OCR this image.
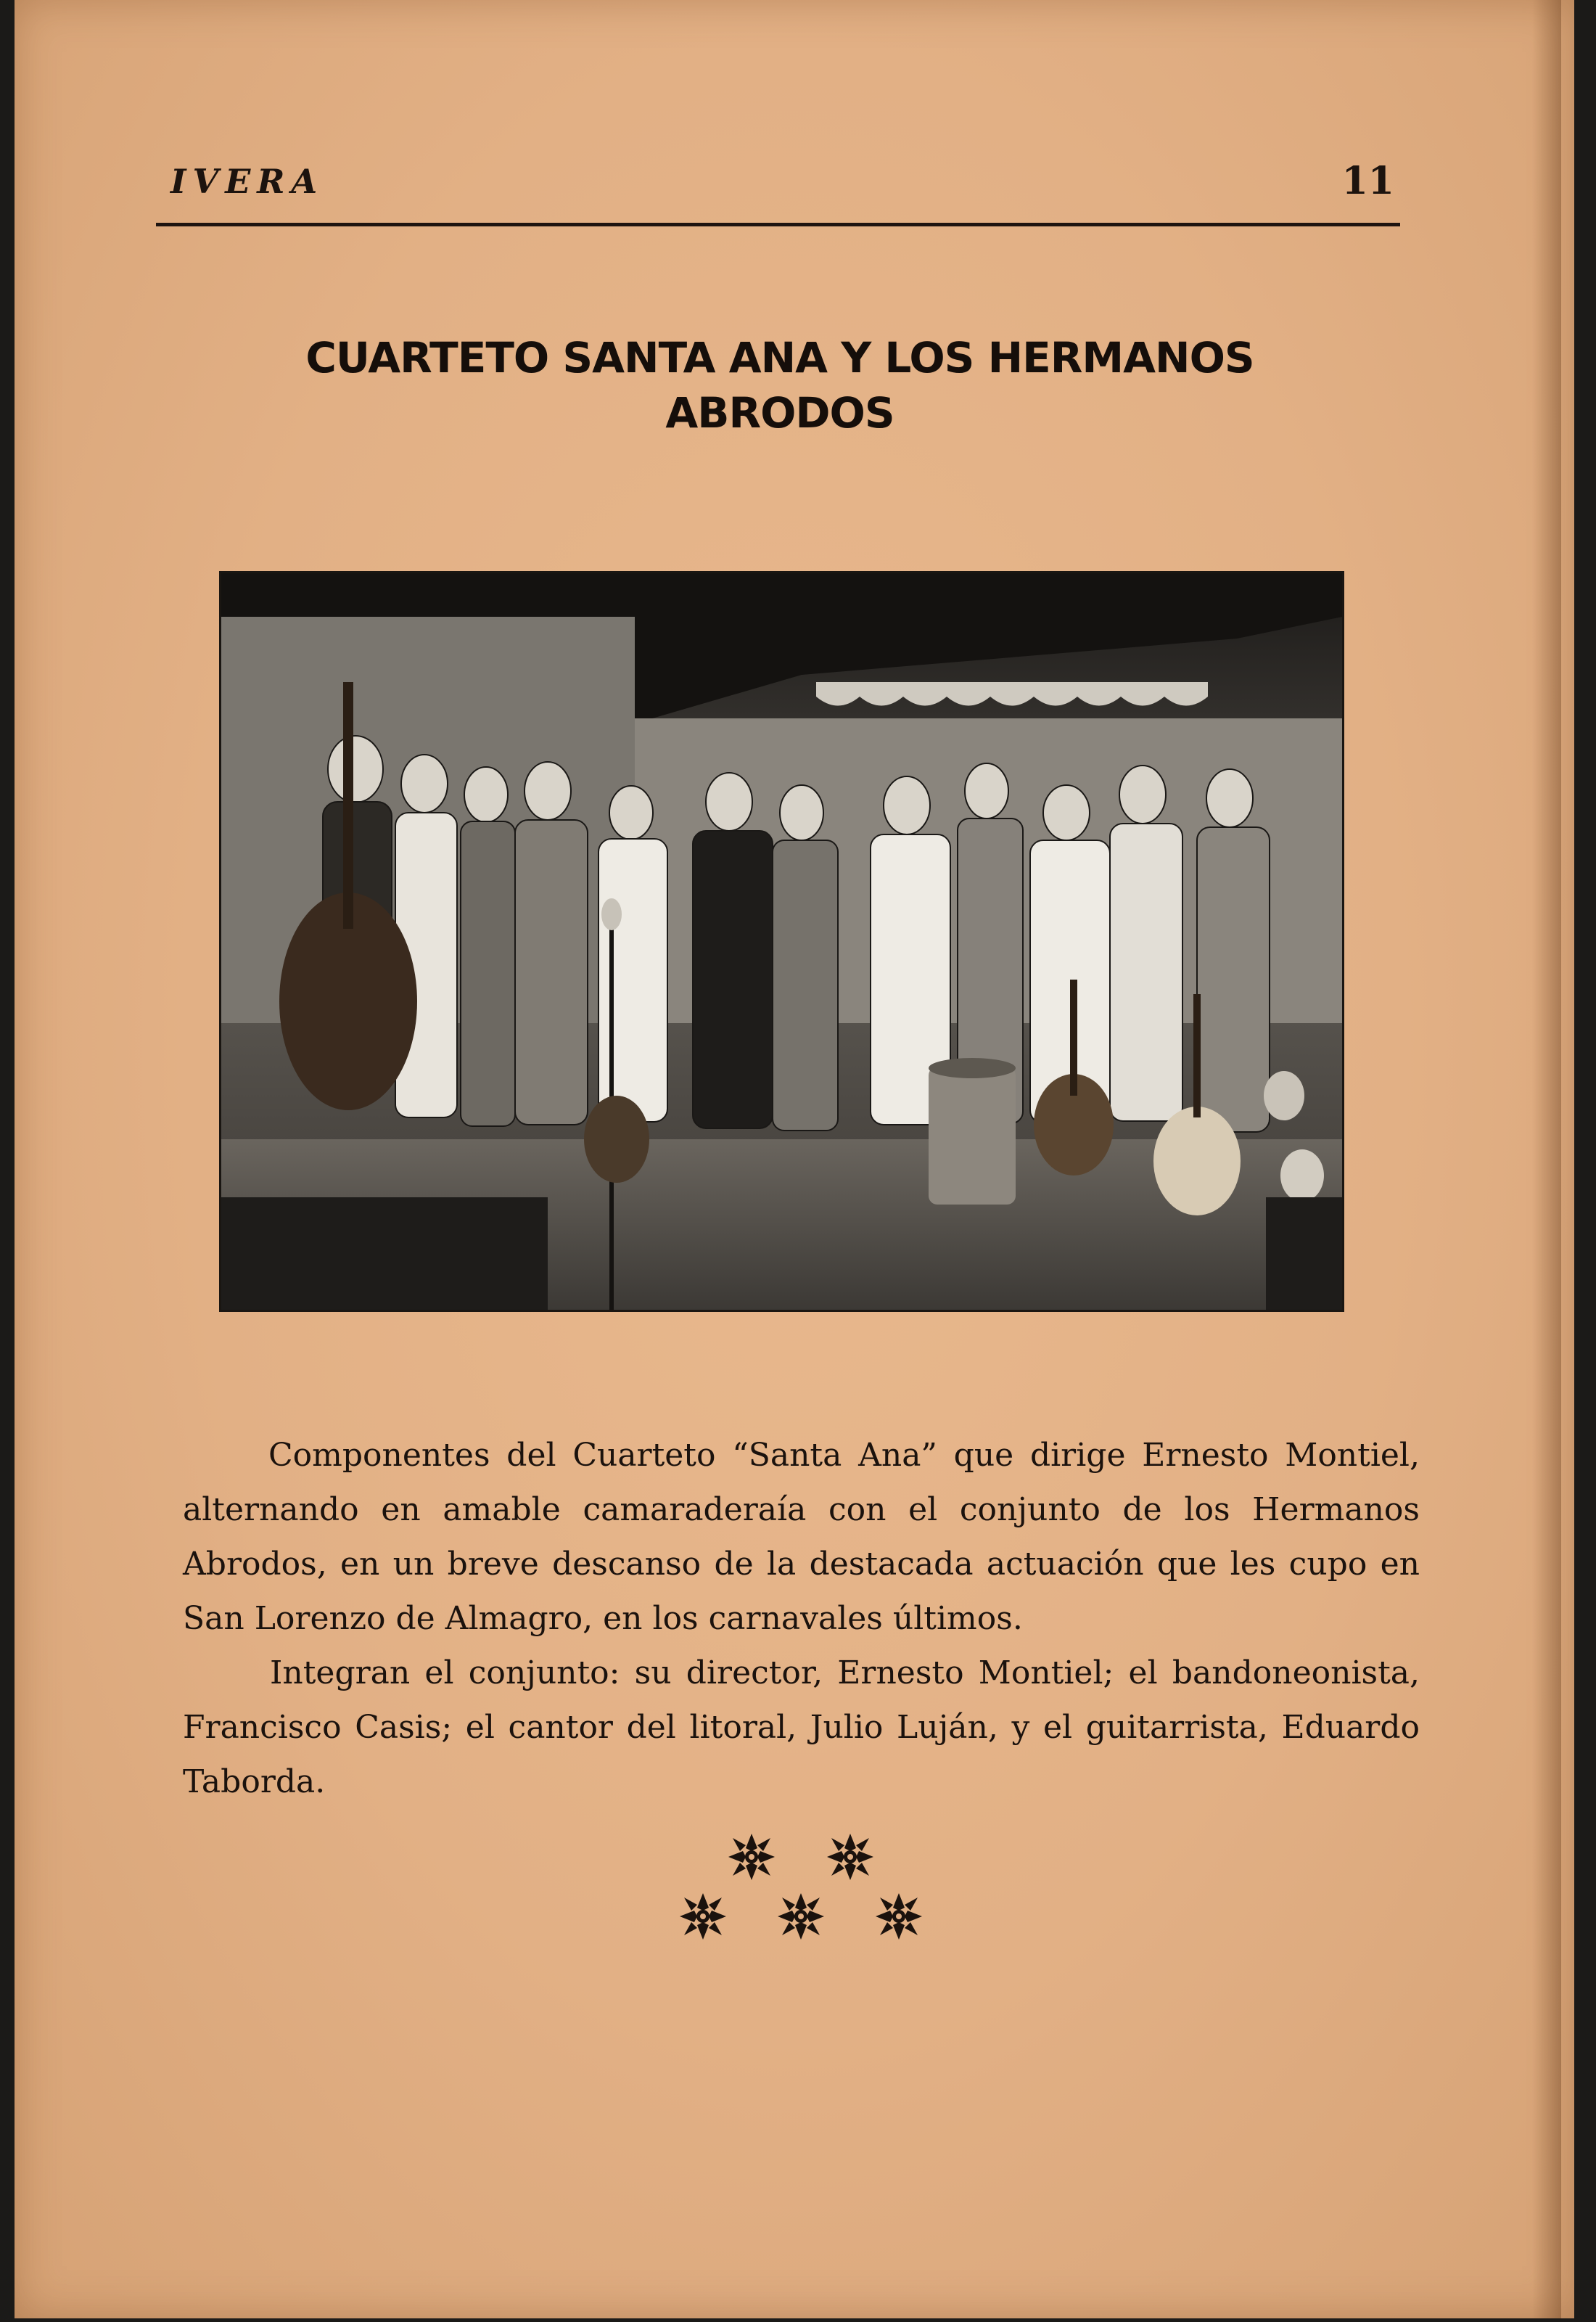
IVERA	11
CUARTETO SANTA ANA Y LOS HERMANOS
ABRODOS

Componentes del Cuarteto “Santa Ana” que dirige Ernesto Montiel, alternando en amable camaraderaía con el conjunto de los Hermanos Abrodos, en un breve descanso de la destacada actuación que les cupo en San Lorenzo de Almagro, en los carnavales últimos.

Integran el conjunto: su director, Ernesto Montiel; el bandoneonista, Francisco Casis; el cantor del litoral, Julio Luján, y el guitarrista, Eduardo Taborda.
